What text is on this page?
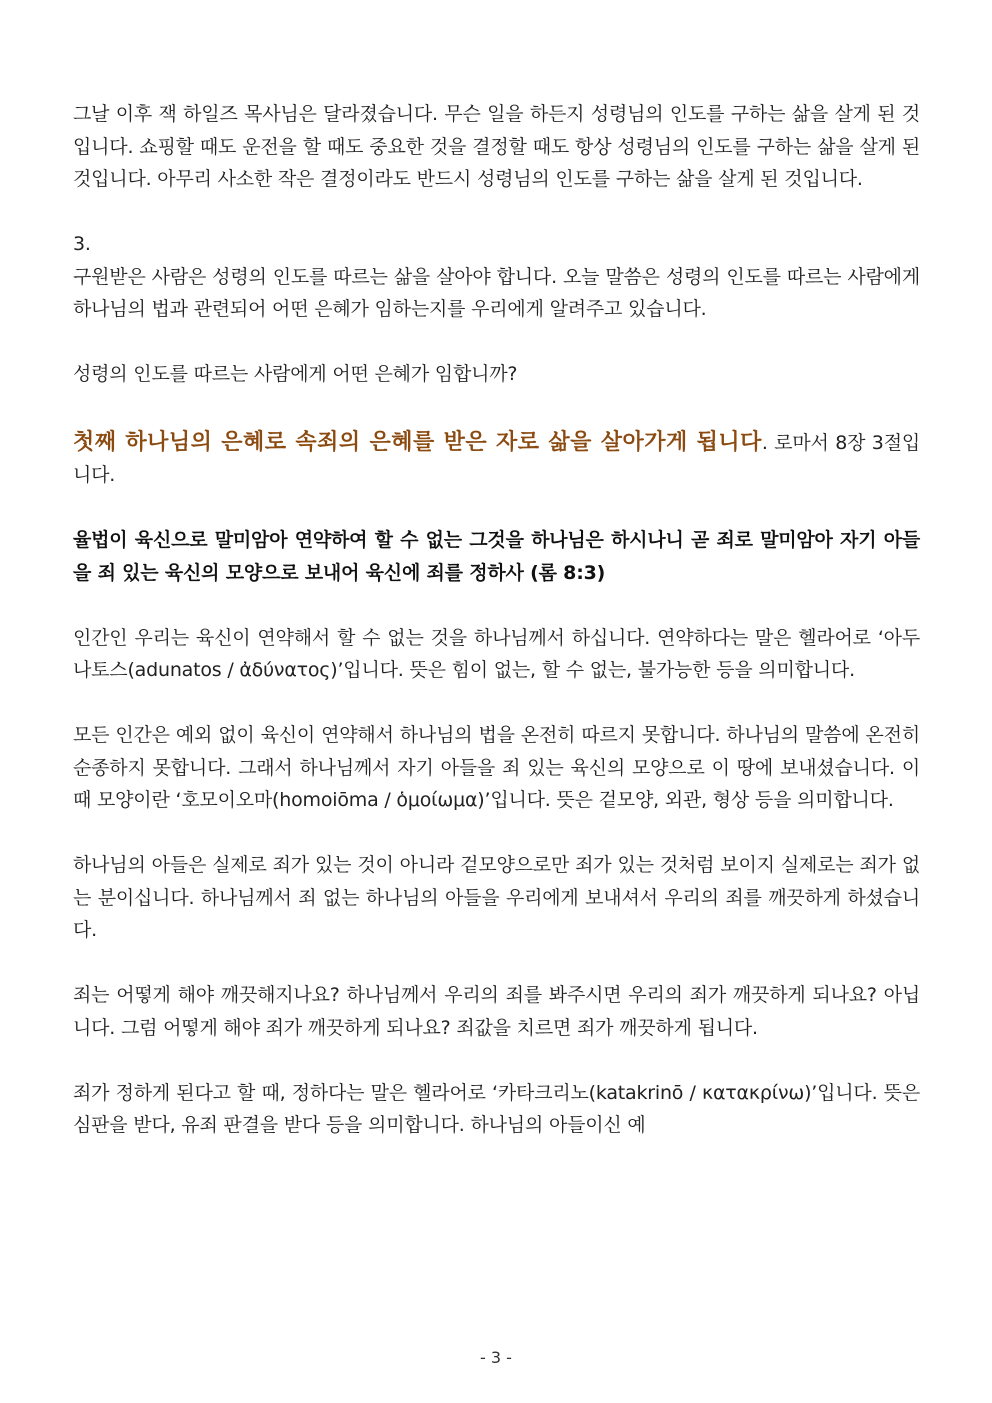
그날 이후 잭 하일즈 목사님은 달라졌습니다. 무슨 일을 하든지 성령님의 인도를 구하는 삶을 살게 된 것입니다. 쇼핑할 때도 운전을 할 때도 중요한 것을 결정할 때도 항상 성령님의 인도를 구하는 삶을 살게 된 것입니다. 아무리 사소한 작은 결정이라도 반드시 성령님의 인도를 구하는 삶을 살게 된 것입니다.

3.

구원받은 사람은 성령의 인도를 따르는 삶을 살아야 합니다. 오늘 말씀은 성령의 인도를 따르는 사람에게 하나님의 법과 관련되어 어떤 은혜가 임하는지를 우리에게 알려주고 있습니다.

성령의 인도를 따르는 사람에게 어떤 은혜가 임합니까?

첫째 하나님의 은혜로 속죄의 은혜를 받은 자로 삶을 살아가게 됩니다. 로마서 8장 3절입니다.

율법이 육신으로 말미암아 연약하여 할 수 없는 그것을 하나님은 하시나니 곧 죄로 말미암아 자기 아들을 죄 있는 육신의 모양으로 보내어 육신에 죄를 정하사 (롬 8:3)

인간인 우리는 육신이 연약해서 할 수 없는 것을 하나님께서 하십니다. 연약하다는 말은 헬라어로 ‘아두나토스(adunatos / ἀδύνατος)’입니다. 뜻은 힘이 없는, 할 수 없는, 불가능한 등을 의미합니다.

모든 인간은 예외 없이 육신이 연약해서 하나님의 법을 온전히 따르지 못합니다. 하나님의 말씀에 온전히 순종하지 못합니다. 그래서 하나님께서 자기 아들을 죄 있는 육신의 모양으로 이 땅에 보내셨습니다. 이때 모양이란 ‘호모이오마(homoiōma / ὁμοίωμα)’입니다. 뜻은 겉모양, 외관, 형상 등을 의미합니다.

하나님의 아들은 실제로 죄가 있는 것이 아니라 겉모양으로만 죄가 있는 것처럼 보이지 실제로는 죄가 없는 분이십니다. 하나님께서 죄 없는 하나님의 아들을 우리에게 보내셔서 우리의 죄를 깨끗하게 하셨습니다.

죄는 어떻게 해야 깨끗해지나요? 하나님께서 우리의 죄를 봐주시면 우리의 죄가 깨끗하게 되나요? 아닙니다. 그럼 어떻게 해야 죄가 깨끗하게 되나요? 죄값을 치르면 죄가 깨끗하게 됩니다.

죄가 정하게 된다고 할 때, 정하다는 말은 헬라어로 ‘카타크리노(katakrinō / κατακρίνω)’입니다. 뜻은 심판을 받다, 유죄 판결을 받다 등을 의미합니다. 하나님의 아들이신 예

- 3 -
